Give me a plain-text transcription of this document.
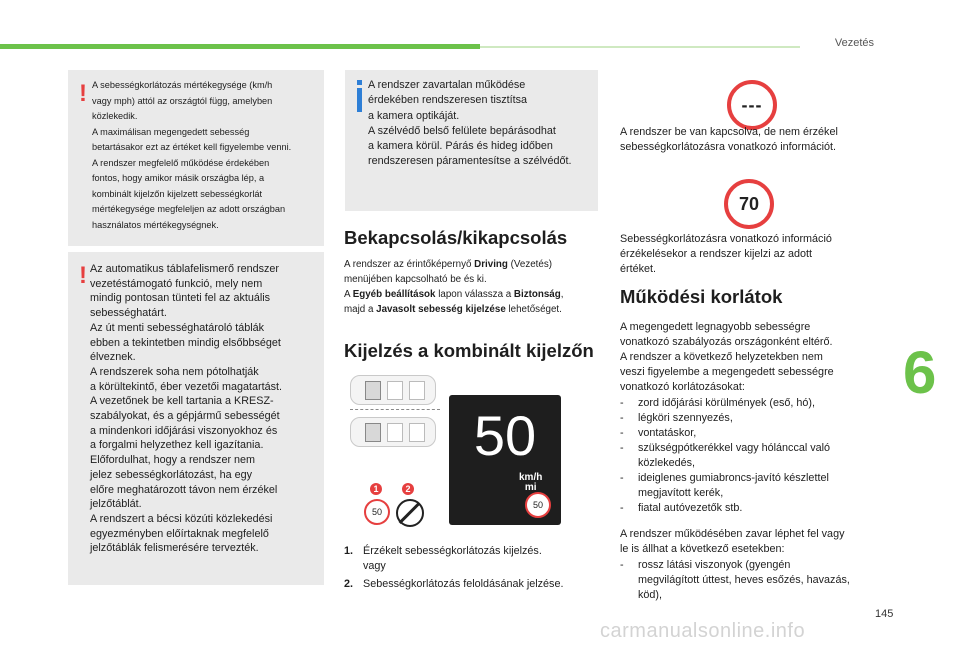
Vezetés
6
145
! A sebességkorlátozás mértékegysége (km/h
vagy mph) attól az országtól függ, amelyben
közlekedik.
A maximálisan megengedett sebesség
betartásakor ezt az értéket kell figyelembe venni.
A rendszer megfelelő működése érdekében
fontos, hogy amikor másik országba lép, a
kombinált kijelzőn kijelzett sebességkorlát
mértékegysége megfeleljen az adott országban
használatos mértékegységnek.

! Az automatikus táblafelismerő rendszer
vezetéstámogató funkció, mely nem
mindig pontosan tünteti fel az aktuális
sebességhatárt.
Az út menti sebességhatároló táblák
ebben a tekintetben mindig elsőbbséget
élveznek.
A rendszerek soha nem pótolhatják
a körültekintő, éber vezetői magatartást.
A vezetőnek be kell tartania a KRESZ-
szabályokat, és a gépjármű sebességét
a mindenkori időjárási viszonyokhoz és
a forgalmi helyzethez kell igazítania.
Előfordulhat, hogy a rendszer nem
jelez sebességkorlátozást, ha egy
előre meghatározott távon nem érzékel
jelzőtáblát.
A rendszert a bécsi közúti közlekedési
egyezményben előírtaknak megfelelő
jelzőtáblák felismerésére tervezték.

A rendszer zavartalan működése
érdekében rendszeresen tisztítsa
a kamera optikáját.
A szélvédő belső felülete bepárásodhat
a kamera körül. Párás és hideg időben
rendszeresen páramentesítse a szélvédőt.

Bekapcsolás/kikapcsolás

A rendszer az érintőképernyő Driving (Vezetés)
menüjében kapcsolható be és ki.
A Egyéb beállítások lapon válassza a Biztonság,
majd a Javasolt sebesség kijelzése lehetőséget.

Kijelzés a kombinált kijelzőn
50
km/h
mi
50
1	2
50
1. Érzékelt sebességkorlátozás kijelzés.
vagy
2. Sebességkorlátozás feloldásának jelzése.
---

A rendszer be van kapcsolva, de nem érzékel
sebességkorlátozásra vonatkozó információt.

70

Sebességkorlátozásra vonatkozó információ
érzékelésekor a rendszer kijelzi az adott
értéket.

Működési korlátok

A megengedett legnagyobb sebességre
vonatkozó szabályozás országonként eltérő.
A rendszer a következő helyzetekben nem
veszi figyelembe a megengedett sebességre
vonatkozó korlátozásokat:

- zord időjárási körülmények (eső, hó),
- légköri szennyezés,
- vontatáskor,
- szükségpótkerékkel vagy hólánccal való
közlekedés,
- ideiglenes gumiabroncs-javító készlettel
megjavított kerék,
- fiatal autóvezetők stb.

A rendszer működésében zavar léphet fel vagy
le is állhat a következő esetekben:

- rossz látási viszonyok (gyengén
megvilágított úttest, heves esőzés, havazás,
köd),
carmanualsonline.info
